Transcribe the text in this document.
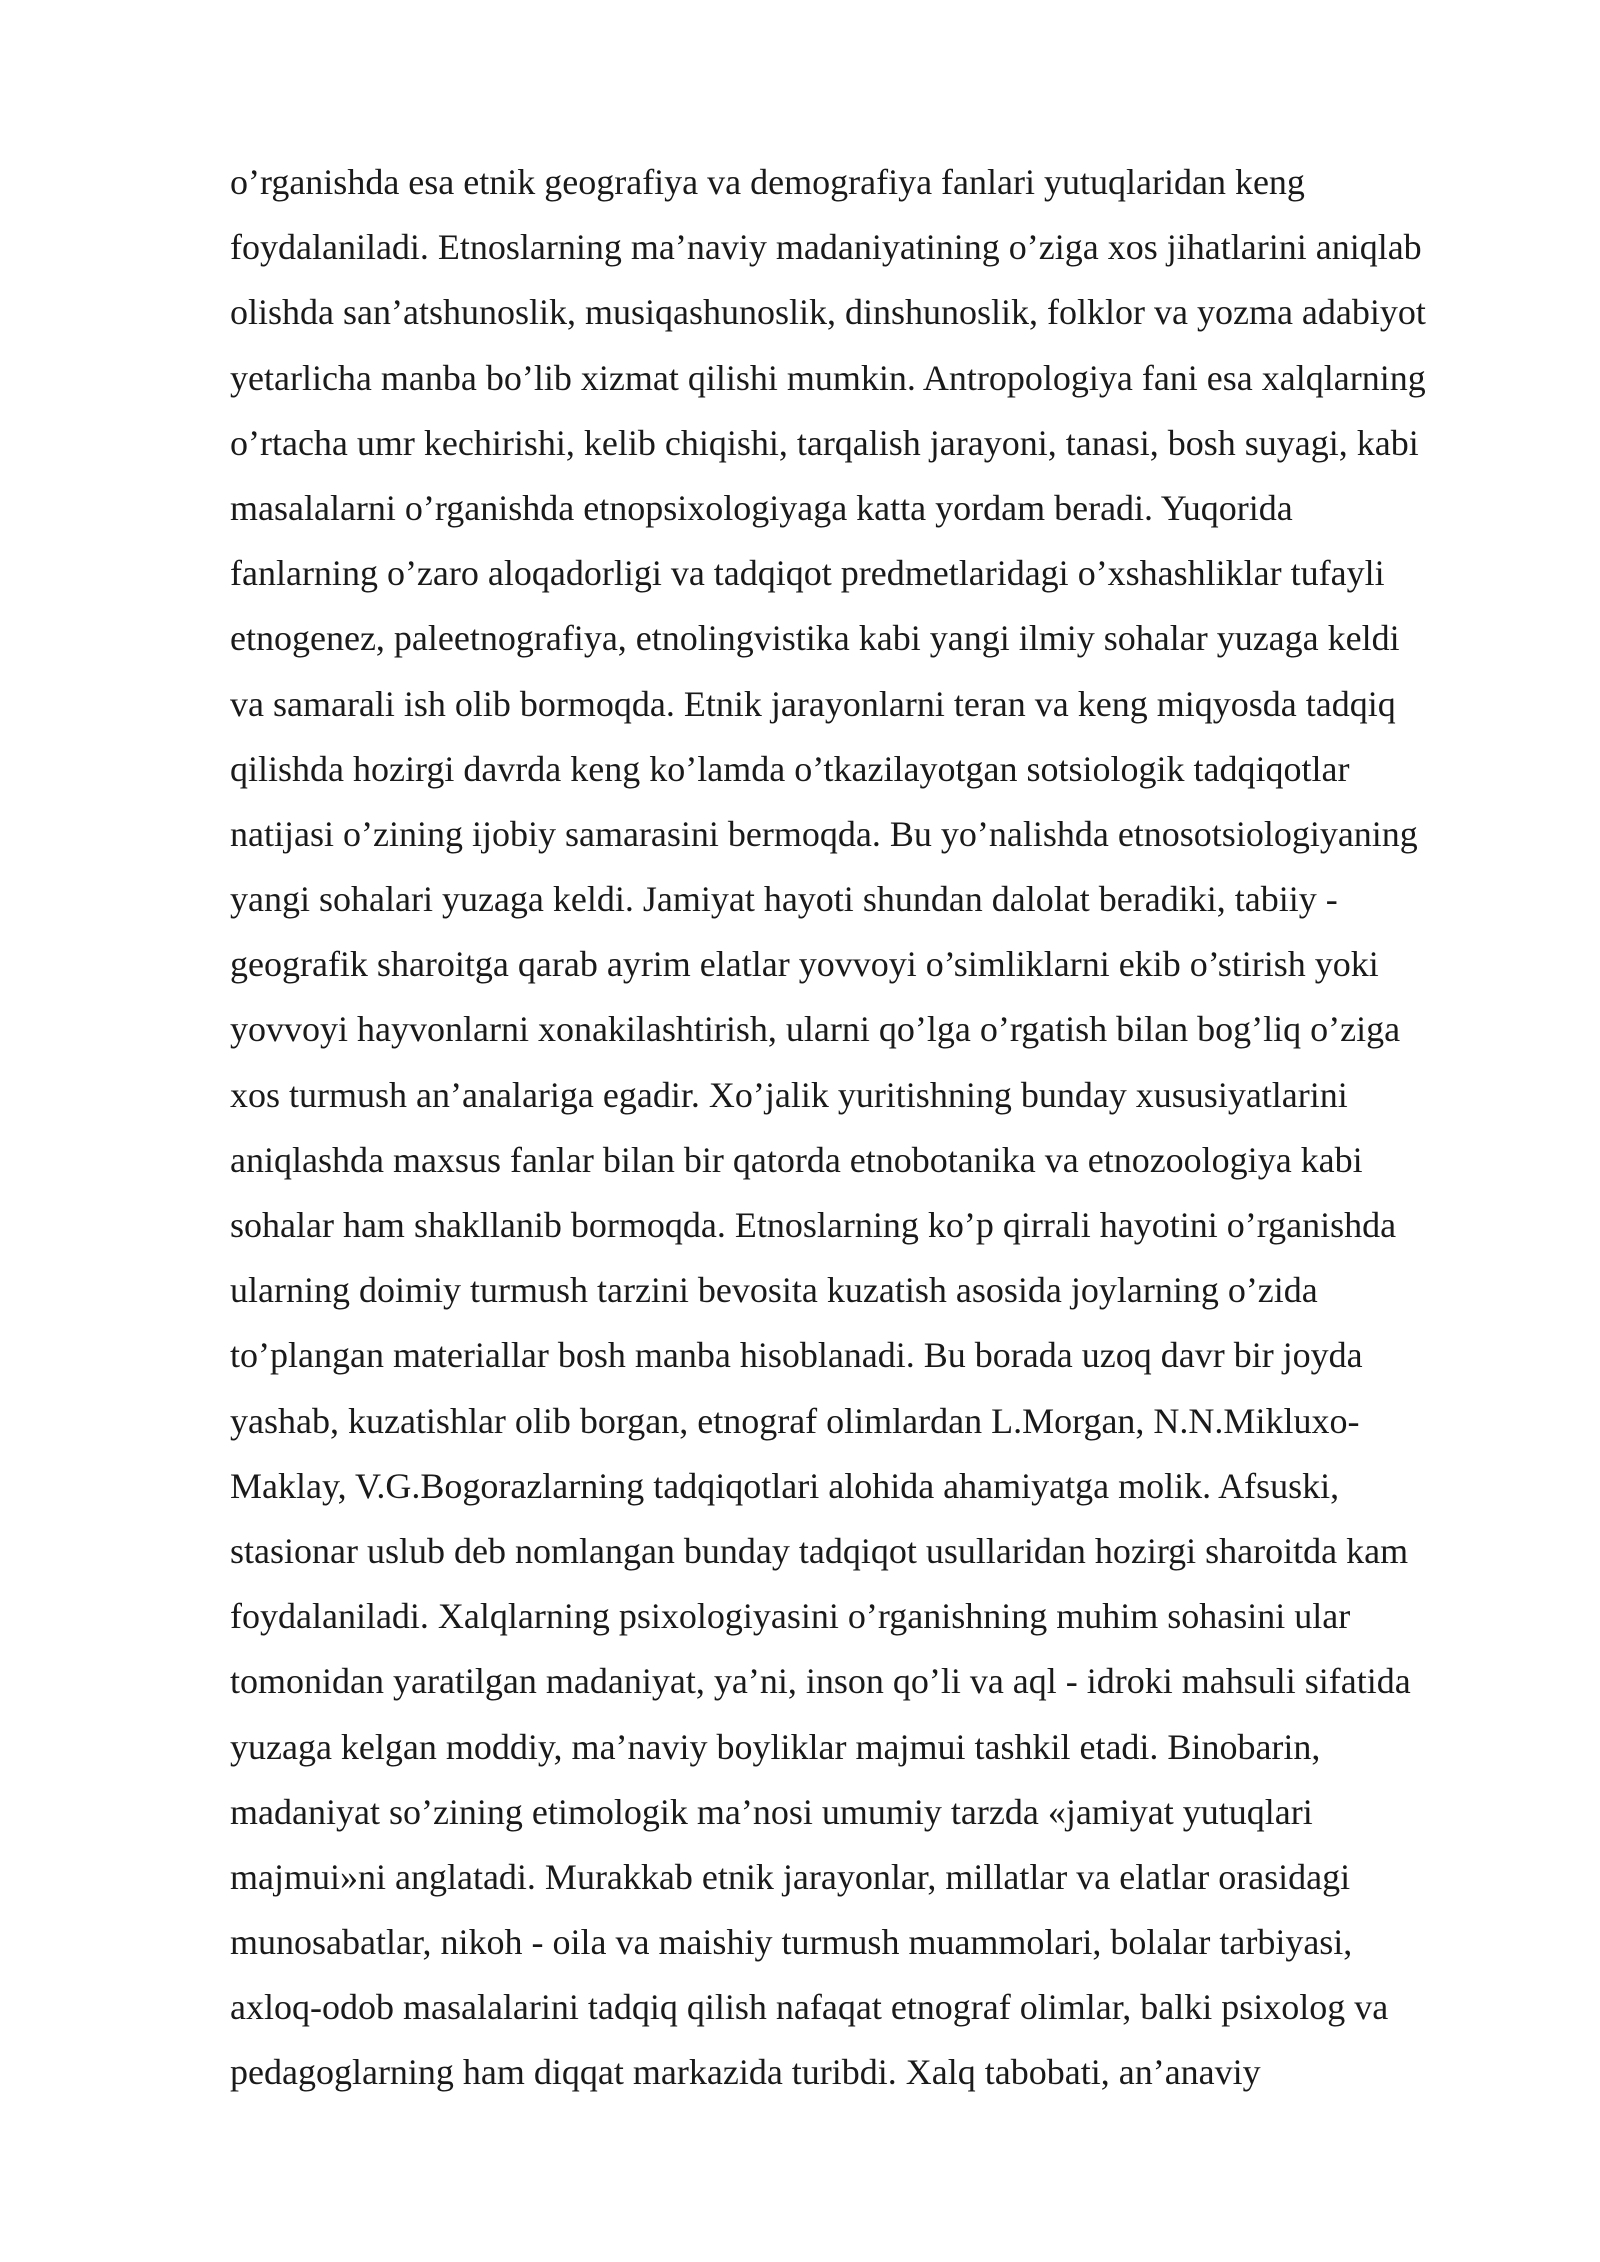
o’rganishda esa etnik geografiya va demografiya fanlari yutuqlaridan keng
foydalaniladi. Etnoslarning ma’naviy madaniyatining o’ziga xos jihatlarini aniqlab
olishda san’atshunoslik, musiqashunoslik, dinshunoslik, folklor va yozma adabiyot
yetarlicha manba bo’lib xizmat qilishi mumkin. Antropologiya fani esa xalqlarning
o’rtacha umr kechirishi, kelib chiqishi, tarqalish jarayoni, tanasi, bosh suyagi, kabi
masalalarni o’rganishda etnopsixologiyaga katta yordam beradi. Yuqorida
fanlarning o’zaro aloqadorligi va tadqiqot predmetlaridagi o’xshashliklar tufayli
etnogenez, paleetnografiya, etnolingvistika kabi yangi ilmiy sohalar yuzaga keldi
va samarali ish olib bormoqda. Etnik jarayonlarni teran va keng miqyosda tadqiq
qilishda hozirgi davrda keng ko’lamda o’tkazilayotgan sotsiologik tadqiqotlar
natijasi o’zining ijobiy samarasini bermoqda. Bu yo’nalishda etnosotsiologiyaning
yangi sohalari yuzaga keldi. Jamiyat hayoti shundan dalolat beradiki, tabiiy -
geografik sharoitga qarab ayrim elatlar yovvoyi o’simliklarni ekib o’stirish yoki
yovvoyi hayvonlarni xonakilashtirish, ularni qo’lga o’rgatish bilan bog’liq o’ziga
xos turmush an’analariga egadir. Xo’jalik yuritishning bunday xususiyatlarini
aniqlashda maxsus fanlar bilan bir qatorda etnobotanika va etnozoologiya kabi
sohalar ham shakllanib bormoqda. Etnoslarning ko’p qirrali hayotini o’rganishda
ularning doimiy turmush tarzini bevosita kuzatish asosida joylarning o’zida
to’plangan materiallar bosh manba hisoblanadi. Bu borada uzoq davr bir joyda
yashab, kuzatishlar olib borgan, etnograf olimlardan L.Morgan, N.N.Mikluxo-
Maklay, V.G.Bogorazlarning tadqiqotlari alohida ahamiyatga molik. Afsuski,
stasionar uslub deb nomlangan bunday tadqiqot usullaridan hozirgi sharoitda kam
foydalaniladi. Xalqlarning psixologiyasini o’rganishning muhim sohasini ular
tomonidan yaratilgan madaniyat, ya’ni, inson qo’li va aql - idroki mahsuli sifatida
yuzaga kelgan moddiy, ma’naviy boyliklar majmui tashkil etadi. Binobarin,
madaniyat so’zining etimologik ma’nosi umumiy tarzda «jamiyat yutuqlari
majmui»ni anglatadi. Murakkab etnik jarayonlar, millatlar va elatlar orasidagi
munosabatlar, nikoh - oila va maishiy turmush muammolari, bolalar tarbiyasi,
axloq-odob masalalarini tadqiq qilish nafaqat etnograf olimlar, balki psixolog va
pedagoglarning ham diqqat markazida turibdi. Xalq tabobati, an’anaviy
